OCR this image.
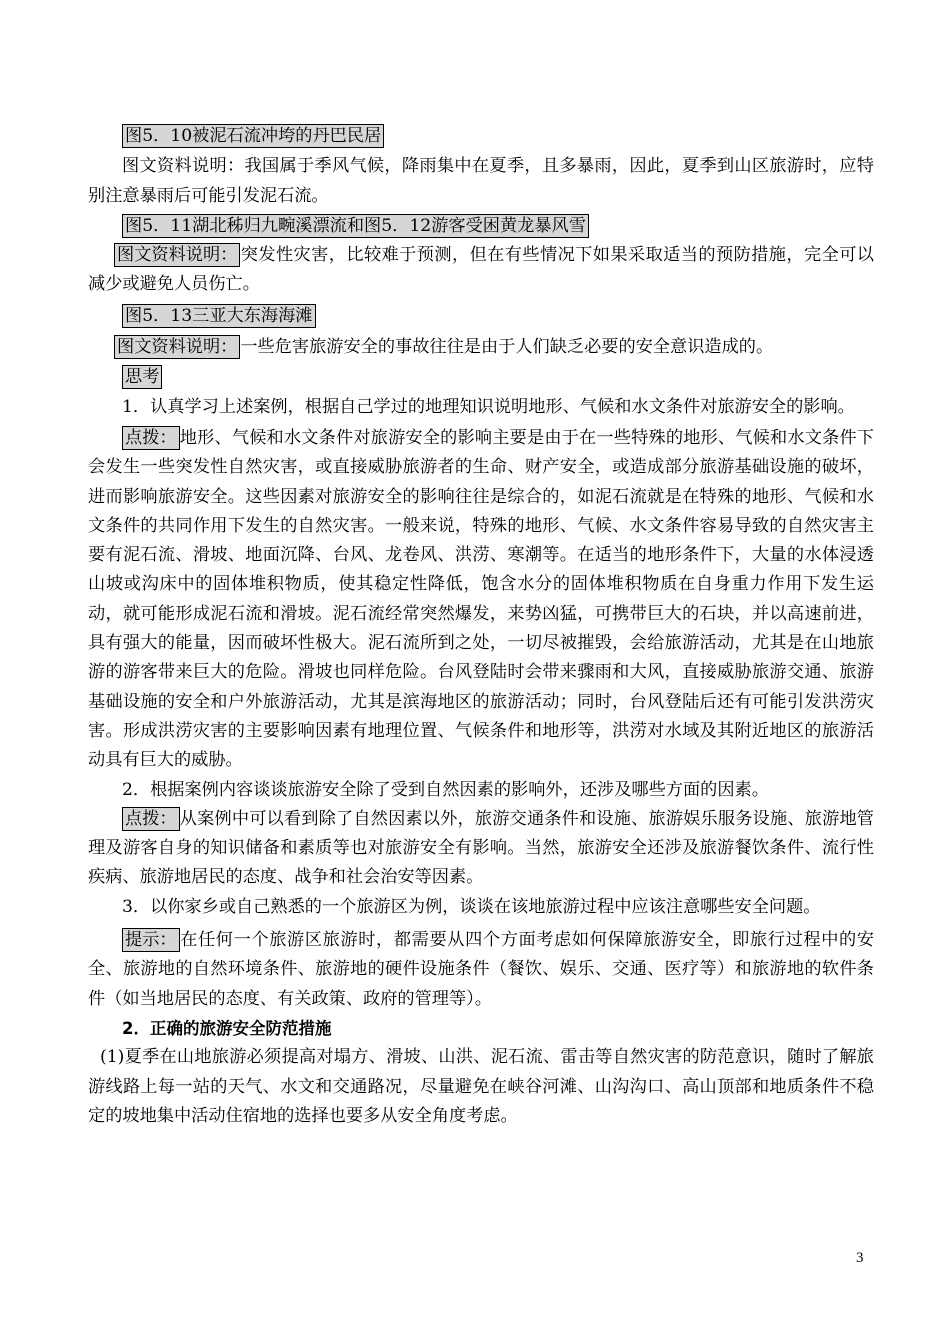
图5．10被泥石流冲垮的丹巴民居

图文资料说明：我国属于季风气候，降雨集中在夏季，且多暴雨，因此，夏季到山区旅游时，应特别注意暴雨后可能引发泥石流。

图5．11湖北秭归九畹溪漂流和图5．12游客受困黄龙暴风雪

图文资料说明： 突发性灾害，比较难于预测，但在有些情况下如果采取适当的预防措施，完全可以减少或避免人员伤亡。

图5．13三亚大东海海滩

图文资料说明： 一些危害旅游安全的事故往往是由于人们缺乏必要的安全意识造成的。

思考

1．认真学习上述案例，根据自己学过的地理知识说明地形、气候和水文条件对旅游安全的影响。

点拨： 地形、气候和水文条件对旅游安全的影响主要是由于在一些特殊的地形、气候和水文条件下会发生一些突发性自然灾害，或直接威胁旅游者的生命、财产安全，或造成部分旅游基础设施的破坏，进而影响旅游安全。这些因素对旅游安全的影响往往是综合的，如泥石流就是在特殊的地形、气候和水文条件的共同作用下发生的自然灾害。一般来说，特殊的地形、气候、水文条件容易导致的自然灾害主要有泥石流、滑坡、地面沉降、台风、龙卷风、洪涝、寒潮等。在适当的地形条件下，大量的水体浸透山坡或沟床中的固体堆积物质，使其稳定性降低，饱含水分的固体堆积物质在自身重力作用下发生运动，就可能形成泥石流和滑坡。泥石流经常突然爆发，来势凶猛，可携带巨大的石块，并以高速前进，具有强大的能量，因而破坏性极大。泥石流所到之处，一切尽被摧毁，会给旅游活动，尤其是在山地旅游的游客带来巨大的危险。滑坡也同样危险。台风登陆时会带来骤雨和大风，直接威胁旅游交通、旅游基础设施的安全和户外旅游活动，尤其是滨海地区的旅游活动；同时，台风登陆后还有可能引发洪涝灾害。形成洪涝灾害的主要影响因素有地理位置、气候条件和地形等，洪涝对水域及其附近地区的旅游活动具有巨大的威胁。

2．根据案例内容谈谈旅游安全除了受到自然因素的影响外，还涉及哪些方面的因素。

点拨： 从案例中可以看到除了自然因素以外，旅游交通条件和设施、旅游娱乐服务设施、旅游地管理及游客自身的知识储备和素质等也对旅游安全有影响。当然，旅游安全还涉及旅游餐饮条件、流行性疾病、旅游地居民的态度、战争和社会治安等因素。

3．以你家乡或自己熟悉的一个旅游区为例，谈谈在该地旅游过程中应该注意哪些安全问题。

提示： 在任何一个旅游区旅游时，都需要从四个方面考虑如何保障旅游安全，即旅行过程中的安全、旅游地的自然环境条件、旅游地的硬件设施条件（餐饮、娱乐、交通、医疗等）和旅游地的软件条件（如当地居民的态度、有关政策、政府的管理等）。

2．正确的旅游安全防范措施

(1)夏季在山地旅游必须提高对塌方、滑坡、山洪、泥石流、雷击等自然灾害的防范意识，随时了解旅游线路上每一站的天气、水文和交通路况，尽量避免在峡谷河滩、山沟沟口、高山顶部和地质条件不稳定的坡地集中活动住宿地的选择也要多从安全角度考虑。

3
